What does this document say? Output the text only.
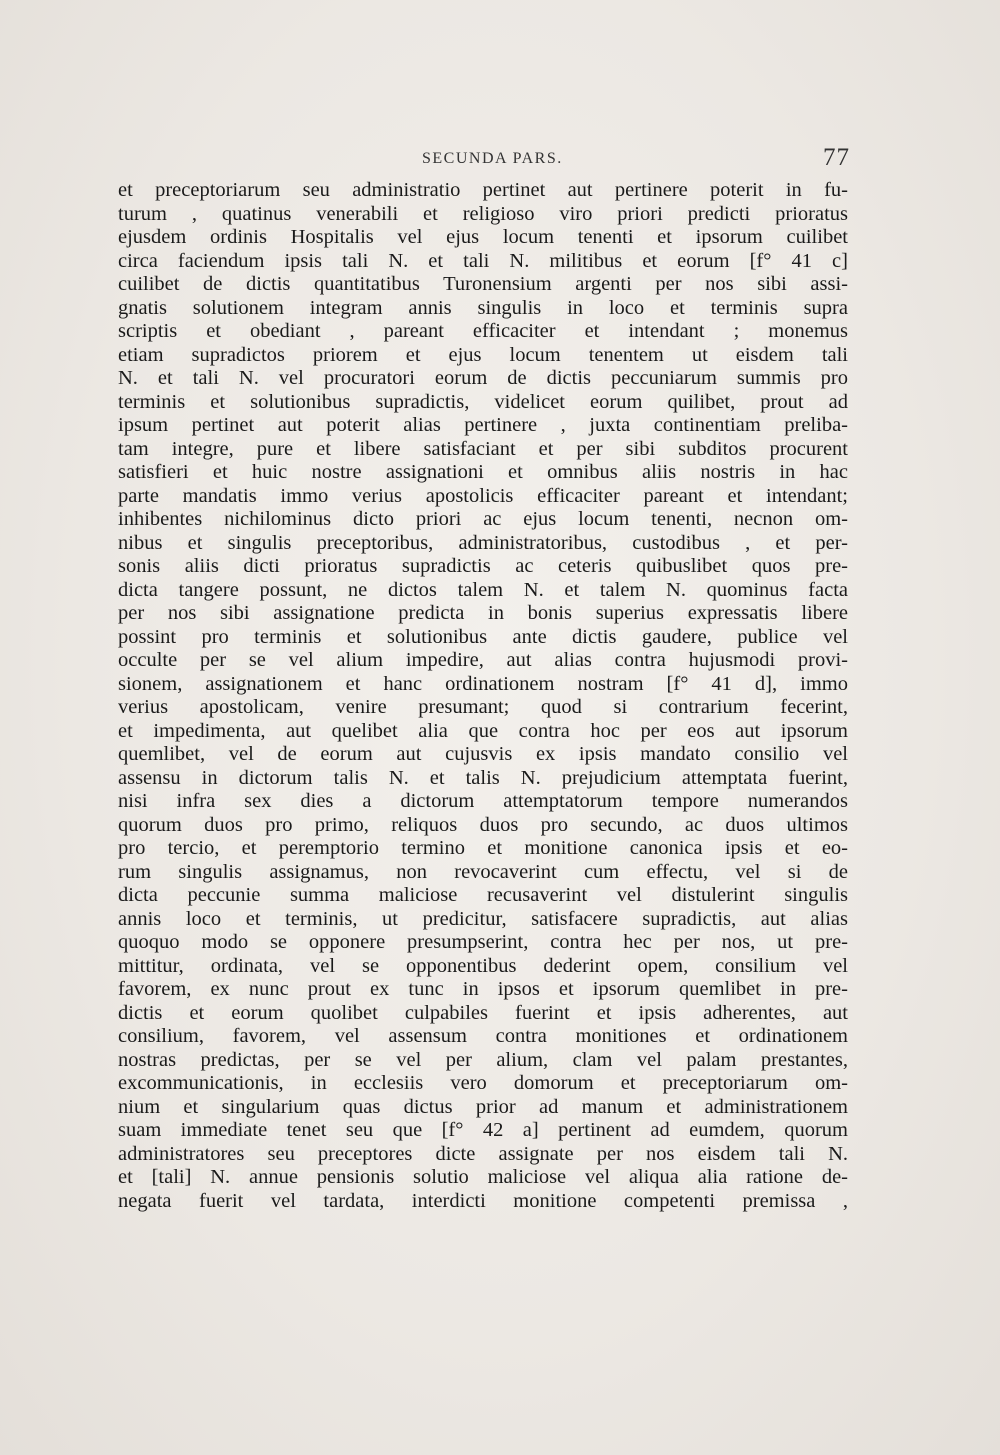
SECUNDA PARS.	77
et preceptoriarum seu administratio pertinet aut pertinere poterit in fu-
turum , quatinus venerabili et religioso viro priori predicti prioratus
ejusdem ordinis Hospitalis vel ejus locum tenenti et ipsorum cuilibet
circa faciendum ipsis tali N. et tali N. militibus et eorum [f° 41 c]
cuilibet de dictis quantitatibus Turonensium argenti per nos sibi assi-
gnatis solutionem integram annis singulis in loco et terminis supra
scriptis et obediant , pareant efficaciter et intendant ; monemus
etiam supradictos priorem et ejus locum tenentem ut eisdem tali
N. et tali N. vel procuratori eorum de dictis peccuniarum summis pro
terminis et solutionibus supradictis, videlicet eorum quilibet, prout ad
ipsum pertinet aut poterit alias pertinere , juxta continentiam preliba-
tam integre, pure et libere satisfaciant et per sibi subditos procurent
satisfieri et huic nostre assignationi et omnibus aliis nostris in hac
parte mandatis immo verius apostolicis efficaciter pareant et intendant;
inhibentes nichilominus dicto priori ac ejus locum tenenti, necnon om-
nibus et singulis preceptoribus, administratoribus, custodibus , et per-
sonis aliis dicti prioratus supradictis ac ceteris quibuslibet quos pre-
dicta tangere possunt, ne dictos talem N. et talem N. quominus facta
per nos sibi assignatione predicta in bonis superius expressatis libere
possint pro terminis et solutionibus ante dictis gaudere, publice vel
occulte per se vel alium impedire, aut alias contra hujusmodi provi-
sionem, assignationem et hanc ordinationem nostram [f° 41 d], immo
verius apostolicam, venire presumant; quod si contrarium fecerint,
et impedimenta, aut quelibet alia que contra hoc per eos aut ipsorum
quemlibet, vel de eorum aut cujusvis ex ipsis mandato consilio vel
assensu in dictorum talis N. et talis N. prejudicium attemptata fuerint,
nisi infra sex dies a dictorum attemptatorum tempore numerandos
quorum duos pro primo, reliquos duos pro secundo, ac duos ultimos
pro tercio, et peremptorio termino et monitione canonica ipsis et eo-
rum singulis assignamus, non revocaverint cum effectu, vel si de
dicta peccunie summa maliciose recusaverint vel distulerint singulis
annis loco et terminis, ut predicitur, satisfacere supradictis, aut alias
quoquo modo se opponere presumpserint, contra hec per nos, ut pre-
mittitur, ordinata, vel se opponentibus dederint opem, consilium vel
favorem, ex nunc prout ex tunc in ipsos et ipsorum quemlibet in pre-
dictis et eorum quolibet culpabiles fuerint et ipsis adherentes, aut
consilium, favorem, vel assensum contra monitiones et ordinationem
nostras predictas, per se vel per alium, clam vel palam prestantes,
excommunicationis, in ecclesiis vero domorum et preceptoriarum om-
nium et singularium quas dictus prior ad manum et administrationem
suam immediate tenet seu que [f° 42 a] pertinent ad eumdem, quorum
administratores seu preceptores dicte assignate per nos eisdem tali N.
et [tali] N. annue pensionis solutio maliciose vel aliqua alia ratione de-
negata fuerit vel tardata, interdicti monitione competenti premissa ,
